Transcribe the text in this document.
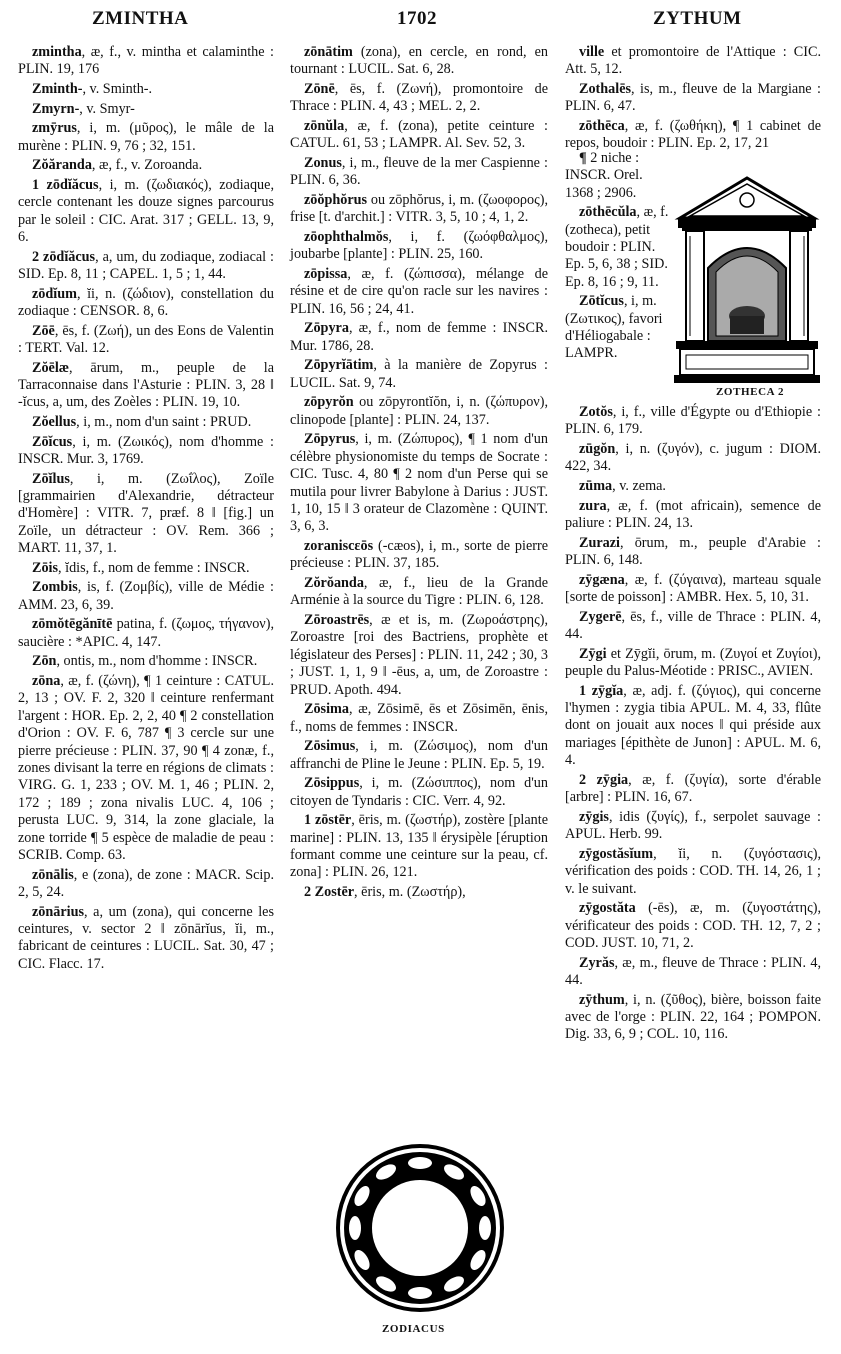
ZMINTHA	1702	ZYTHUM

zmintha, æ, f., v. mintha et calaminthe : PLIN. 19, 176

Zminth-, v. Sminth-.

Zmyrn-, v. Smyr-

zmȳrus, i, m. (μῦρος), le mâle de la murène : PLIN. 9, 76 ; 32, 151.

Zŏăranda, æ, f., v. Zoroanda.

1 zōdĭăcus, i, m. (ζωδιακός), zodiaque, cercle contenant les douze signes parcourus par le soleil : CIC. Arat. 317 ; GELL. 13, 9, 6.

2 zōdĭăcus, a, um, du zodiaque, zodiacal : SID. Ep. 8, 11 ; CAPEL. 1, 5 ; 1, 44.

zōdĭum, ĭi, n. (ζώδιον), constellation du zodiaque : CENSOR. 8, 6.

Zōē, ēs, f. (Ζωή), un des Eons de Valentin : TERT. Val. 12.

Zŏēlæ, ārum, m., peuple de la Tarraconnaise dans l'Asturie : PLIN. 3, 28 ‖ -ĭcus, a, um, des Zoèles : PLIN. 19, 10.

Zŏellus, i, m., nom d'un saint : PRUD.

Zōĭcus, i, m. (Ζωικός), nom d'homme : INSCR. Mur. 3, 1769.

Zōĭlus, i, m. (Ζωΐλος), Zoïle [grammairien d'Alexandrie, détracteur d'Homère] : VITR. 7, præf. 8 ‖ [fig.] un Zoïle, un détracteur : OV. Rem. 366 ; MART. 11, 37, 1.

Zōis, ĭdis, f., nom de femme : INSCR.

Zombis, is, f. (Ζομβίς), ville de Médie : AMM. 23, 6, 39.

zōmŏtēgănītē patina, f. (ζωμος, τήγανον), saucière : *APIC. 4, 147.

Zōn, ontis, m., nom d'homme : INSCR.

zōna, æ, f. (ζώνη), ¶ 1 ceinture : CATUL. 2, 13 ; OV. F. 2, 320 ‖ ceinture renfermant l'argent : HOR. Ep. 2, 2, 40 ¶ 2 constellation d'Orion : OV. F. 6, 787 ¶ 3 cercle sur une pierre précieuse : PLIN. 37, 90 ¶ 4 zonæ, f., zones divisant la terre en régions de climats : VIRG. G. 1, 233 ; OV. M. 1, 46 ; PLIN. 2, 172 ; 189 ; zona nivalis LUC. 4, 106 ; perusta LUC. 9, 314, la zone glaciale, la zone torride ¶ 5 espèce de maladie de peau : SCRIB. Comp. 63.

zōnālis, e (zona), de zone : MACR. Scip. 2, 5, 24.

zōnārius, a, um (zona), qui concerne les ceintures, v. sector 2 ‖ zōnārĭus, ĭi, m., fabricant de ceintures : LUCIL. Sat. 30, 47 ; CIC. Flacc. 17.

zōnātim (zona), en cercle, en rond, en tournant : LUCIL. Sat. 6, 28.

Zōnē, ēs, f. (Ζωνή), promontoire de Thrace : PLIN. 4, 43 ; MEL. 2, 2.

zōnŭla, æ, f. (zona), petite ceinture : CATUL. 61, 53 ; LAMPR. Al. Sev. 52, 3.

Zonus, i, m., fleuve de la mer Caspienne : PLIN. 6, 36.

zōŏphŏrus ou zōphŏrus, i, m. (ζωοφορος), frise [t. d'archit.] : VITR. 3, 5, 10 ; 4, 1, 2.

zōophthalmŏs, i, f. (ζωόφθαλμος), joubarbe [plante] : PLIN. 25, 160.

zōpissa, æ, f. (ζώπισσα), mélange de résine et de cire qu'on racle sur les navires : PLIN. 16, 56 ; 24, 41.

Zōpyra, æ, f., nom de femme : INSCR. Mur. 1786, 28.

Zōpyrĭātim, à la manière de Zopyrus : LUCIL. Sat. 9, 74.

zōpyrŏn ou zōpyrontĭŏn, i, n. (ζώπυρον), clinopode [plante] : PLIN. 24, 137.

Zōpyrus, i, m. (Ζώπυρος), ¶ 1 nom d'un célèbre physionomiste du temps de Socrate : CIC. Tusc. 4, 80 ¶ 2 nom d'un Perse qui se mutila pour livrer Babylone à Darius : JUST. 1, 10, 15 ‖ 3 orateur de Clazomène : QUINT. 3, 6, 3.

zoraniscεōs (-cæos), i, m., sorte de pierre précieuse : PLIN. 37, 185.

Zŏrŏanda, æ, f., lieu de la Grande Arménie à la source du Tigre : PLIN. 6, 128.

Zōroastrēs, æ et is, m. (Ζωροάστρης), Zoroastre [roi des Bactriens, prophète et législateur des Perses] : PLIN. 11, 242 ; 30, 3 ; JUST. 1, 1, 9 ‖ -ēus, a, um, de Zoroastre : PRUD. Apoth. 494.

Zōsima, æ, Zōsimē, ēs et Zōsimēn, ēnis, f., noms de femmes : INSCR.

Zōsimus, i, m. (Ζώσιμος), nom d'un affranchi de Pline le Jeune : PLIN. Ep. 5, 19.

Zōsippus, i, m. (Ζώσιππος), nom d'un citoyen de Tyndaris : CIC. Verr. 4, 92.

1 zōstēr, ēris, m. (ζωστήρ), zostère [plante marine] : PLIN. 13, 135 ‖ érysipèle [éruption formant comme une ceinture sur la peau, cf. zona] : PLIN. 26, 121.

2 Zostēr, ēris, m. (Ζωστήρ),

ville et promontoire de l'Attique : CIC. Att. 5, 12.

Zothalēs, is, m., fleuve de la Margiane : PLIN. 6, 47.

zōthēca, æ, f. (ζωθήκη), ¶ 1 cabinet de repos, boudoir : PLIN. Ep. 2, 17, 21

¶ 2 niche : INSCR. Orel. 1368 ; 2906.

zōthēcŭla, æ, f. (zotheca), petit boudoir : PLIN. Ep. 5, 6, 38 ; SID. Ep. 8, 16 ; 9, 11.

Zōtĭcus, i, m. (Ζωτικος), favori d'Héliogabale : LAMPR.

ZOTHECA 2

Zotŏs, i, f., ville d'Égypte ou d'Ethiopie : PLIN. 6, 179.

zūgŏn, i, n. (ζυγόν), c. jugum : DIOM. 422, 34.

zūma, v. zema.

zura, æ, f. (mot africain), semence de paliure : PLIN. 24, 13.

Zurazi, ōrum, m., peuple d'Arabie : PLIN. 6, 148.

zȳgæna, æ, f. (ζύγαινα), marteau squale [sorte de poisson] : AMBR. Hex. 5, 10, 31.

Zygerē, ēs, f., ville de Thrace : PLIN. 4, 44.

Zȳgi et Zȳgĭi, ōrum, m. (Ζυγοί et Ζυγίοι), peuple du Palus-Méotide : PRISC., AVIEN.

1 zȳgĭa, æ, adj. f. (ζύγιος), qui concerne l'hymen : zygia tibia APUL. M. 4, 33, flûte dont on jouait aux noces ‖ qui préside aux mariages [épithète de Junon] : APUL. M. 6, 4.

2 zȳgia, æ, f. (ζυγία), sorte d'érable [arbre] : PLIN. 16, 67.

zȳgis, idis (ζυγίς), f., serpolet sauvage : APUL. Herb. 99.

zȳgostăsĭum, ĭi, n. (ζυγόστασις), vérification des poids : COD. TH. 14, 26, 1 ; v. le suivant.

zȳgostăta (-ēs), æ, m. (ζυγοστάτης), vérificateur des poids : COD. TH. 12, 7, 2 ; COD. JUST. 10, 71, 2.

Zyrăs, æ, m., fleuve de Thrace : PLIN. 4, 44.

zȳthum, i, n. (ζῦθος), bière, boisson faite avec de l'orge : PLIN. 22, 164 ; POMPON. Dig. 33, 6, 9 ; COL. 10, 116.

ZODIACUS
